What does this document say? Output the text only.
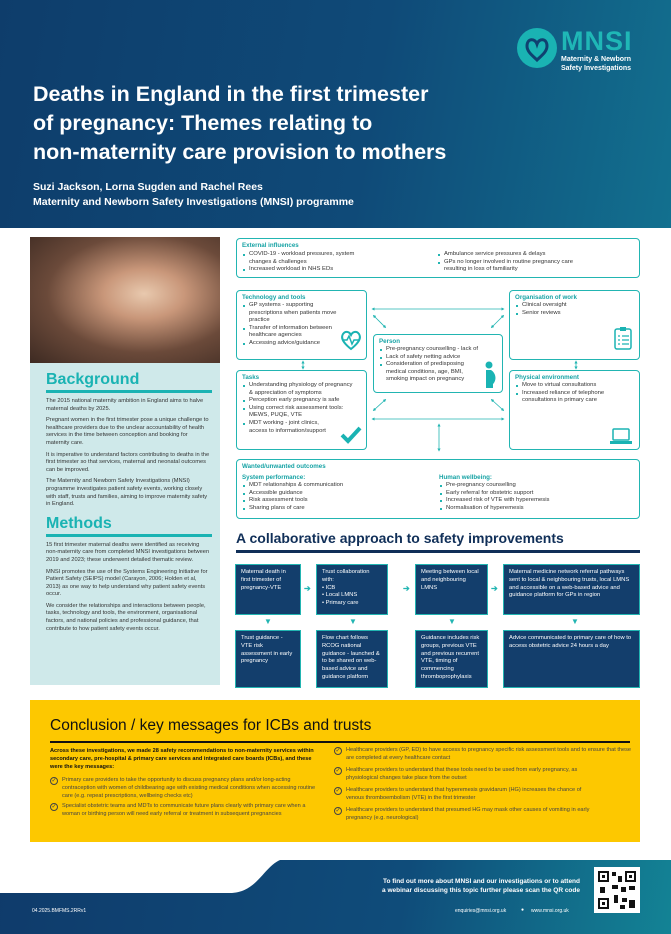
MNSI
Maternity & Newborn
Safety Investigations
Deaths in England in the first trimester
of pregnancy: Themes relating to
non-maternity care provision to mothers
Suzi Jackson, Lorna Sugden and Rachel Rees
Maternity and Newborn Safety Investigations (MNSI) programme
Background
The 2015 national maternity ambition in England aims to halve maternal deaths by 2025.
Pregnant women in the first trimester pose a unique challenge to healthcare providers due to the unclear accountability of health services in the time between conception and booking for maternity care.
It is imperative to understand factors contributing to deaths in the first trimester so that services, maternal and neonatal outcomes can be improved.
The Maternity and Newborn Safety Investigations (MNSI) programme investigates patient safety events, working closely with staff, trusts and families, aiming to improve maternity safety in England.
Methods
15 first trimester maternal deaths were identified as receiving non-maternity care from completed MNSI investigations between 2019 and 2023; these underwent detailed thematic review.
MNSI promotes the use of the Systems Engineering Initiative for Patient Safety (SEIPS) model (Carayon, 2006; Holden et al, 2013) as one way to help understand why patient safety events occur.
We consider the relationships and interactions between people, tasks, technology and tools, the environment, organisational factors, and national policies and professional guidance, that contribute to how patient safety events occur.
External influences
COVID-19 - workload pressures, system changes & challenges
Increased workload in NHS EDs
Ambulance service pressures & delays
GPs no longer involved in routine pregnancy care resulting in loss of familiarity
Technology and tools
GP systems - supporting prescriptions when patients move practice
Transfer of information between healthcare agencies
Accessing advice/guidance
Organisation of work
Clinical oversight
Senior reviews
Person
Pre-pregnancy counselling - lack of
Lack of safety netting advice
Consideration of predisposing medical conditions, age, BMI, smoking impact on pregnancy
Tasks
Understanding physiology of pregnancy & appreciation of symptoms
Perception early pregnancy is safe
Using correct risk assessment tools: MEWS, PUQE, VTE
MDT working - joint clinics, access to information/support
Physical environment
Move to virtual consultations
Increased reliance of telephone consultations in primary care
Wanted/unwanted outcomes
System performance:
MDT relationships & communication
Accessible guidance
Risk assessment tools
Sharing plans of care
Human wellbeing:
Pre-pregnancy counselling
Early referral for obstetric support
Increased risk of VTE with hyperemesis
Normalisation of hyperemesis
A collaborative approach to safety improvements
Maternal death in first trimester of pregnancy-VTE
Trust collaboration with:
• ICB
• Local LMNS
• Primary care
Meeting between local and neighbouring LMNS
Maternal medicine network referral pathways sent to local & neighbouring trusts, local LMNS and accessible on a web-based advice and guidance platform for GPs in region
Trust guidance - VTE risk assessment in early pregnancy
Flow chart follows RCOG national guidance - launched & to be shared on web-based advice and guidance platform
Guidance includes risk groups, previous VTE and previous recurrent VTE, timing of commencing thromboprophylaxis
Advice communicated to primary care of how to access obstetric advice 24 hours a day
➔	➔	➔
▼	▼	▼	▼
Conclusion / key messages for ICBs and trusts
Across these investigations, we made 28 safety recommendations to non-maternity services within secondary care, pre-hospital & primary care services and integrated care boards (ICBs), and these were the key messages:
✓ Primary care providers to take the opportunity to discuss pregnancy plans and/or long-acting contraception with women of childbearing age with existing medical conditions when accessing routine care (e.g. repeat prescriptions, wellbeing checks etc)
✓ Specialist obstetric teams and MDTs to communicate future plans clearly with primary care when a woman or birthing person will need early referral or treatment in subsequent pregnancies
✓ Healthcare providers (GP, ED) to have access to pregnancy specific risk assessment tools and to ensure that these are completed at every healthcare contact
✓ Healthcare providers to understand that these tools need to be used from early pregnancy, as physiological changes take place from the outset
✓ Healthcare providers to understand that hyperemesis gravidarum (HG) increases the chance of venous thromboembolism (VTE) in the first trimester
✓ Healthcare providers to understand that presumed HG may mask other causes of vomiting in early pregnancy (e.g. neurological)
To find out more about MNSI and our investigations or to attend
a webinar discussing this topic further please scan the QR code
04.2025.BMFMS.2RRv1	enquiries@mnsi.org.uk	● www.mnsi.org.uk
